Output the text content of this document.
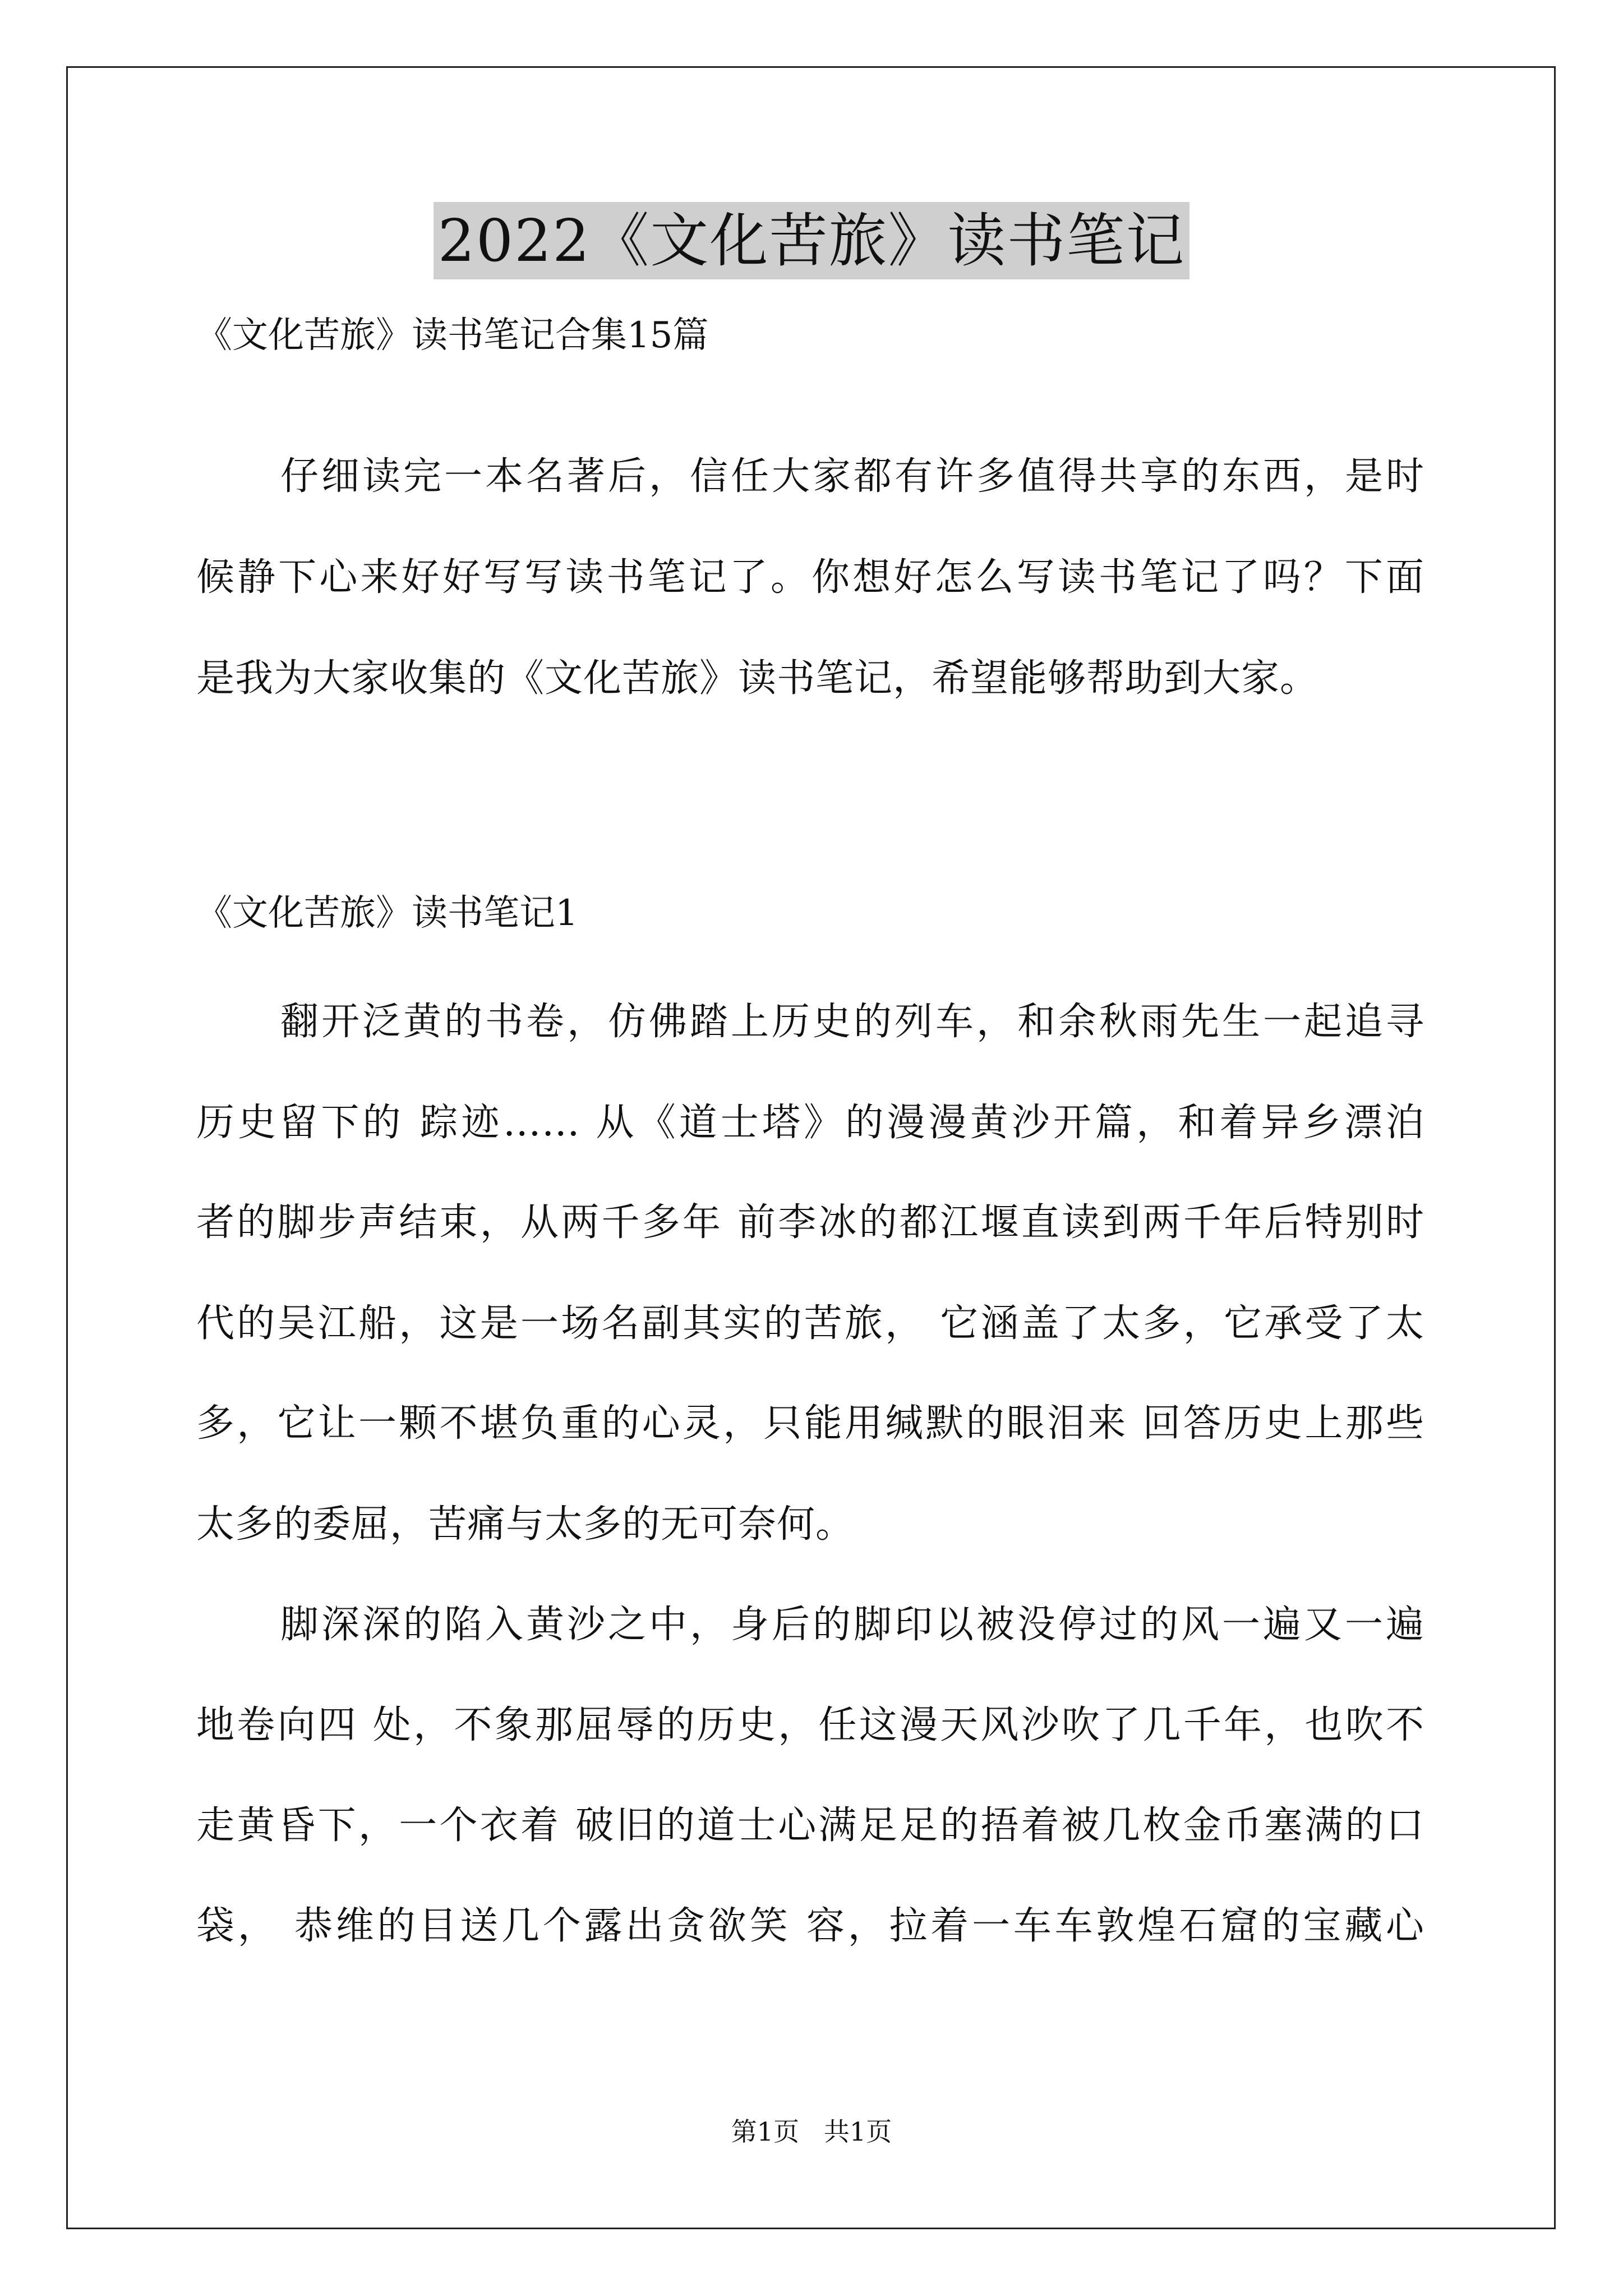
2022《文化苦旅》读书笔记
《文化苦旅》读书笔记合集15篇
仔细读完一本名著后，信任大家都有许多值得共享的东西，是时
候静下心来好好写写读书笔记了。你想好怎么写读书笔记了吗？下面
是我为大家收集的《文化苦旅》读书笔记，希望能够帮助到大家。
《文化苦旅》读书笔记1
翻开泛黄的书卷，仿佛踏上历史的列车，和余秋雨先生一起追寻
历史留下的 踪迹…… 从《道士塔》的漫漫黄沙开篇，和着异乡漂泊
者的脚步声结束，从两千多年 前李冰的都江堰直读到两千年后特别时
代的吴江船，这是一场名副其实的苦旅， 它涵盖了太多，它承受了太
多，它让一颗不堪负重的心灵，只能用缄默的眼泪来 回答历史上那些
太多的委屈，苦痛与太多的无可奈何。
脚深深的陷入黄沙之中，身后的脚印以被没停过的风一遍又一遍
地卷向四 处，不象那屈辱的历史，任这漫天风沙吹了几千年，也吹不
走黄昏下，一个衣着 破旧的道士心满足足的捂着被几枚金币塞满的口
袋， 恭维的目送几个露出贪欲笑 容，拉着一车车敦煌石窟的宝藏心
第1页   共1页
